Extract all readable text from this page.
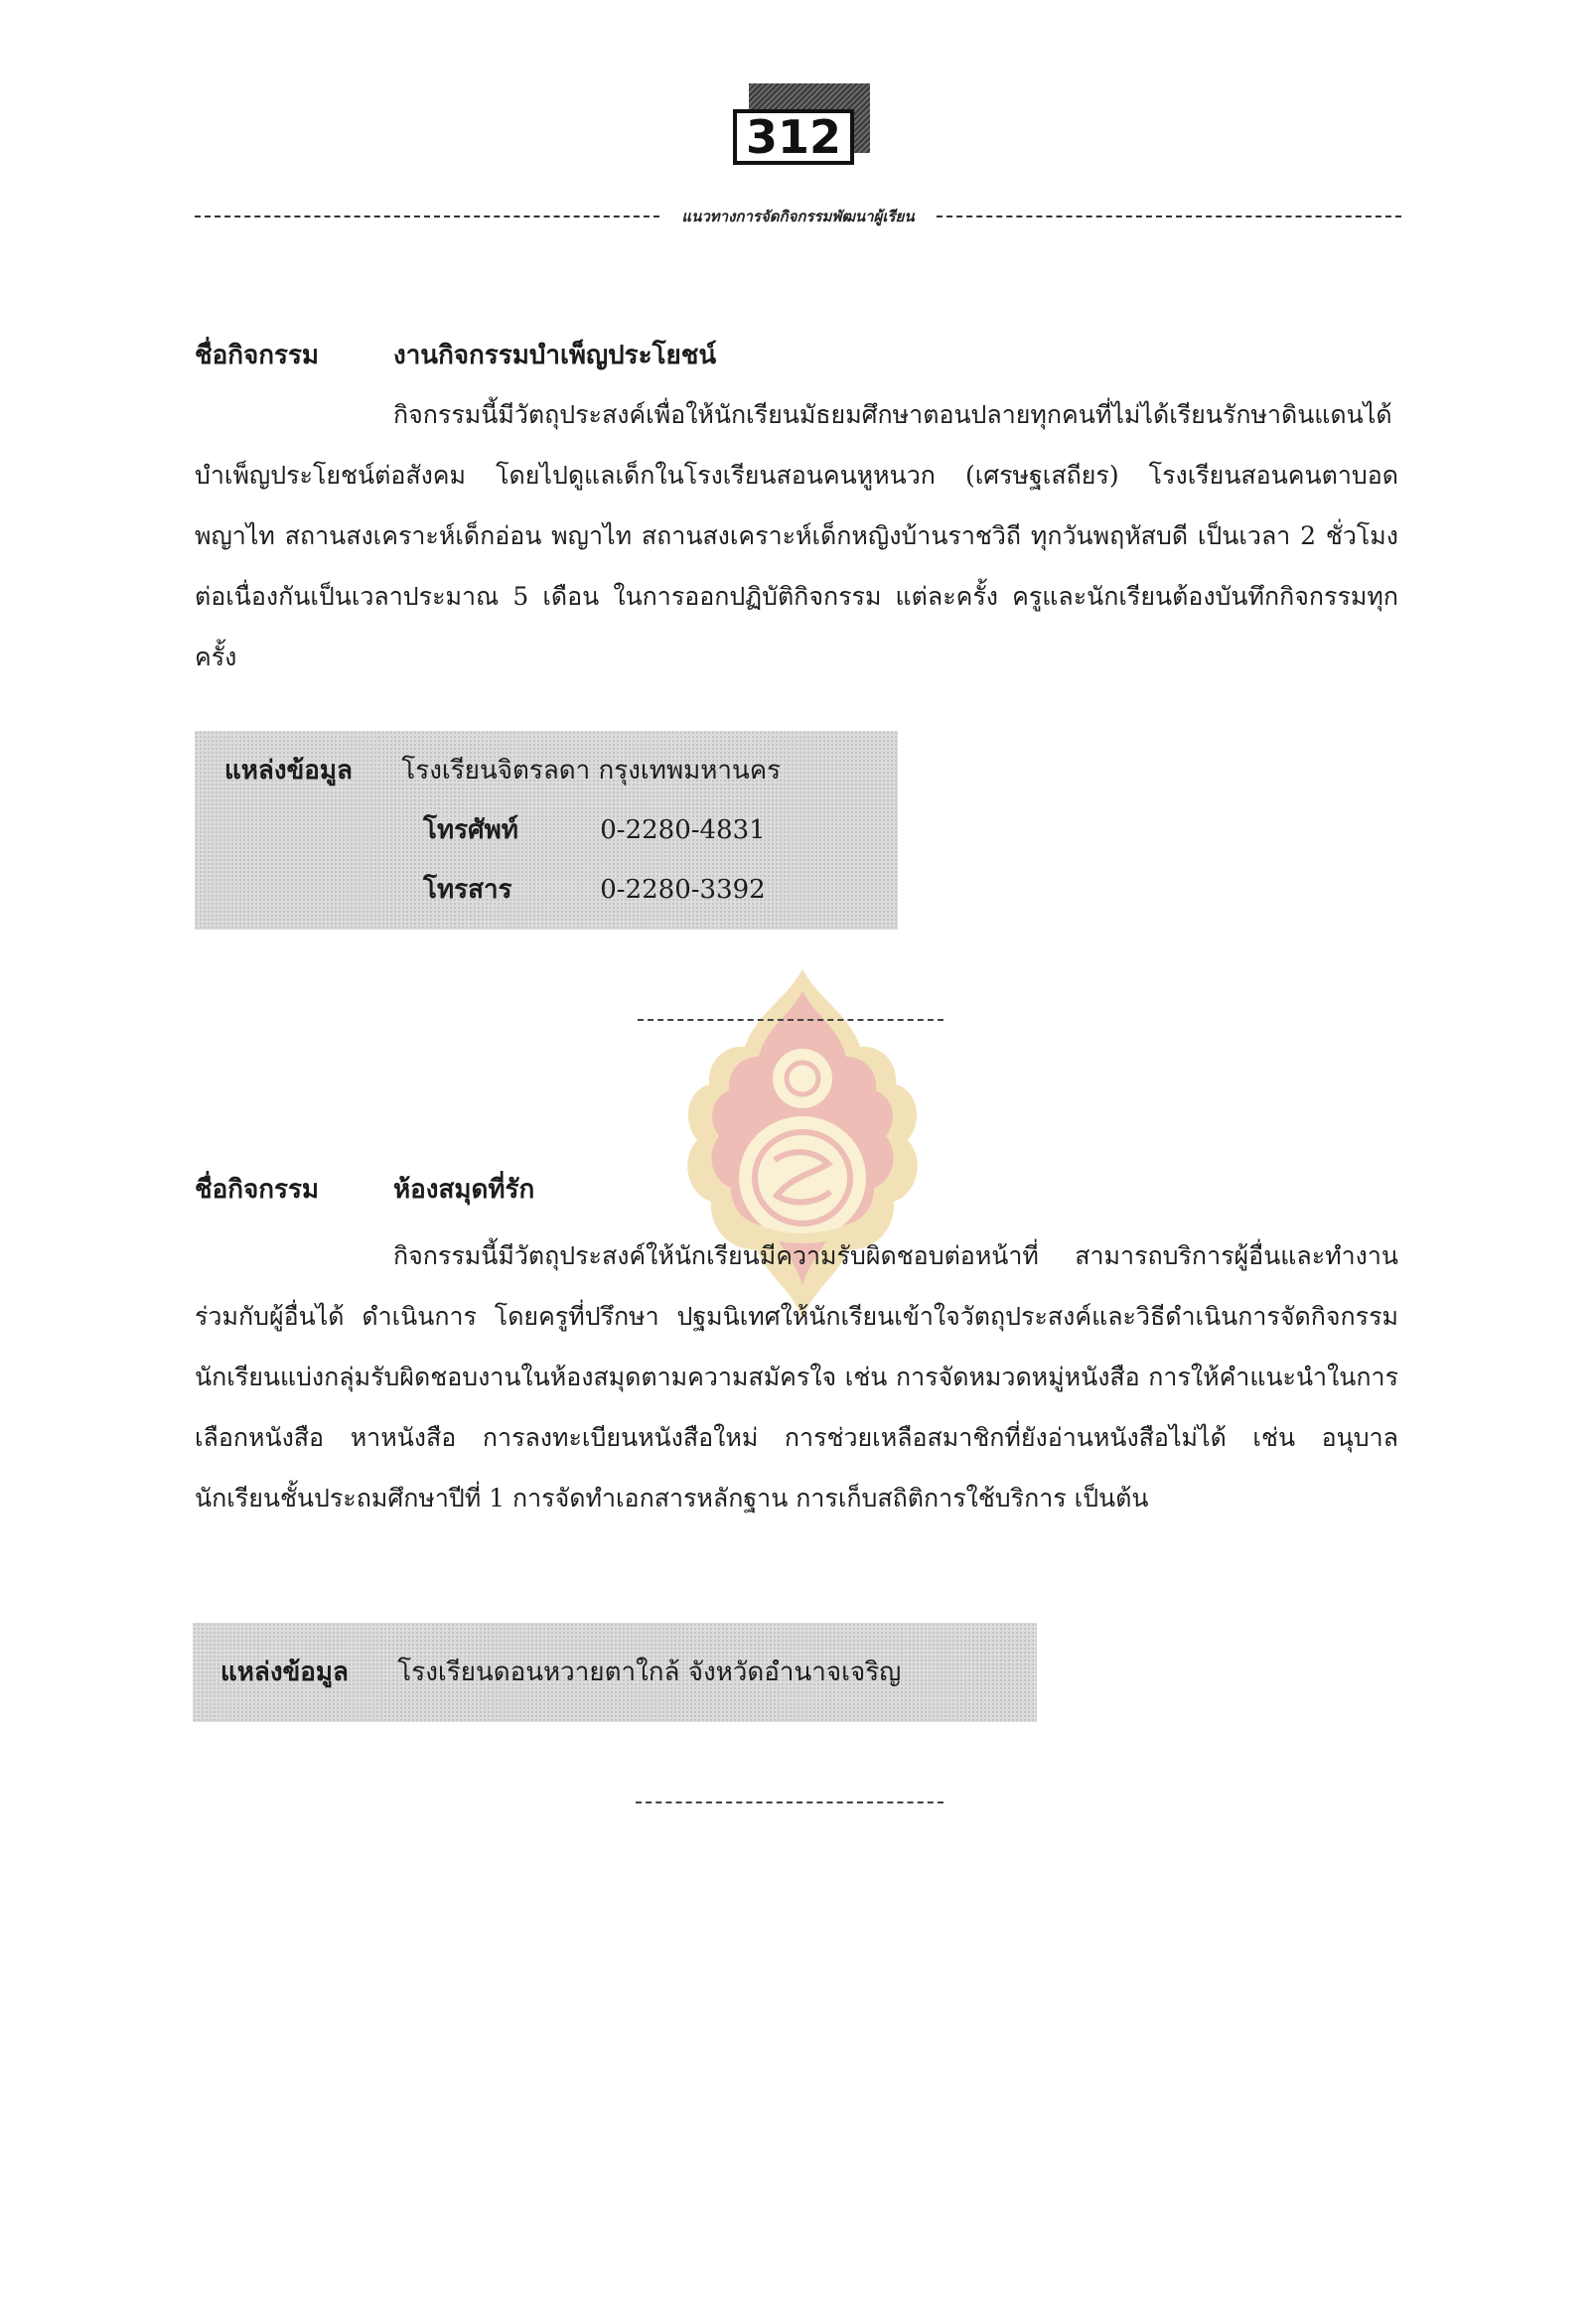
312
แนวทางการจัดกิจกรรมพัฒนาผู้เรียน
ชื่อกิจกรรม	งานกิจกรรมบำเพ็ญประโยชน์

กิจกรรมนี้มีวัตถุประสงค์เพื่อให้นักเรียนมัธยมศึกษาตอนปลายทุกคนที่ไม่ได้เรียนรักษาดินแดนได้บำเพ็ญประโยชน์ต่อสังคม โดยไปดูแลเด็กในโรงเรียนสอนคนหูหนวก (เศรษฐเสถียร) โรงเรียนสอนคนตาบอด พญาไท สถานสงเคราะห์เด็กอ่อน พญาไท สถานสงเคราะห์เด็กหญิงบ้านราชวิถี ทุกวันพฤหัสบดี เป็นเวลา 2 ชั่วโมง ต่อเนื่องกันเป็นเวลาประมาณ 5 เดือน ในการออกปฏิบัติกิจกรรม แต่ละครั้ง ครูและนักเรียนต้องบันทึกกิจกรรมทุกครั้ง

แหล่งข้อมูล โรงเรียนจิตรลดา กรุงเทพมหานคร
โทรศัพท์	0-2280-4831
โทรสาร	0-2280-3392
ชื่อกิจกรรม	ห้องสมุดที่รัก

กิจกรรมนี้มีวัตถุประสงค์ให้นักเรียนมีความรับผิดชอบต่อหน้าที่ สามารถบริการผู้อื่นและทำงานร่วมกับผู้อื่นได้ ดำเนินการ โดยครูที่ปรึกษา ปฐมนิเทศให้นักเรียนเข้าใจวัตถุประสงค์และวิธีดำเนินการจัดกิจกรรม นักเรียนแบ่งกลุ่มรับผิดชอบงานในห้องสมุดตามความสมัครใจ เช่น การจัดหมวดหมู่หนังสือ การให้คำแนะนำในการเลือกหนังสือ หาหนังสือ การลงทะเบียนหนังสือใหม่ การช่วยเหลือสมาชิกที่ยังอ่านหนังสือไม่ได้ เช่น อนุบาล นักเรียนชั้นประถมศึกษาปีที่ 1 การจัดทำเอกสารหลักฐาน การเก็บสถิติการใช้บริการ เป็นต้น

แหล่งข้อมูล โรงเรียนดอนหวายตาใกล้ จังหวัดอำนาจเจริญ
